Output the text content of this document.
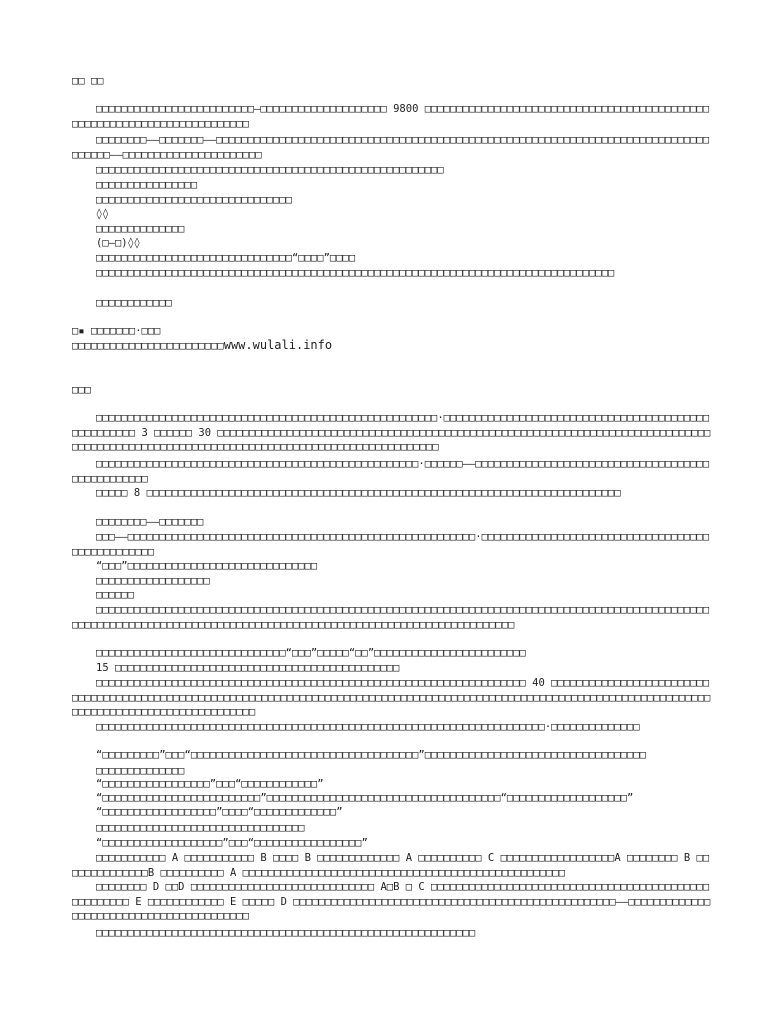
□□ □□
□□□□□□□□□□□□□□□□□□□□□□□□□—□□□□□□□□□□□□□□□□□□□□ 9800 □□□□□□□□□□□□□□□□□□□□□□□□□□□□□□□□□□□□□□□□□□□□□□□□□□□□□□□□□□□□□□□□□□□□□□□□□
□□□□□□□□——□□□□□□□——□□□□□□□□□□□□□□□□□□□□□□□□□□□□□□□□□□□□□□□□□□□□□□□□□□□□□□□□□□□□□□□□□□□□□□□□□□□□□□□□□□□□——□□□□□□□□□□□□□□□□□□□□□□
□□□□□□□□□□□□□□□□□□□□□□□□□□□□□□□□□□□□□□□□□□□□□□□□□□□□□□□
□□□□□□□□□□□□□□□□
□□□□□□□□□□□□□□□□□□□□□□□□□□□□□□□
◊◊
□□□□□□□□□□□□□□
(□—□)◊◊
□□□□□□□□□□□□□□□□□□□□□□□□□□□□□□□“□□□□”□□□□
□□□□□□□□□□□□□□□□□□□□□□□□□□□□□□□□□□□□□□□□□□□□□□□□□□□□□□□□□□□□□□□□□□□□□□□□□□□□□□□□□□
□□□□□□□□□□□□
□▪ □□□□□□□·□□□
□□□□□□□□□□□□□□□□□□□□□□□□www.wulali.info
□□□
□□□□□□□□□□□□□□□□□□□□□□□□□□□□□□□□□□□□□□□□□□□□□□□□□□□□□□·□□□□□□□□□□□□□□□□□□□□□□□□□□□□□□□□□□□□□□□□□□□□□□□□□□□□ 3 □□□□□□ 30 □□□□□□□□□□□□□□□□□□□□□□□□□□□□□□□□□□□□□□□□□□□□□□□□□□□□□□□□□□□□□□□□□□□□□□□□□□□□□□□□□□□□□□□□□□□□□□□□□□□□□□□□□□□□□□□□□□□□□□□□□□□□□□□□□□□□□□□□
□□□□□□□□□□□□□□□□□□□□□□□□□□□□□□□□□□□□□□□□□□□□□□□□□□□·□□□□□□——□□□□□□□□□□□□□□□□□□□□□□□□□□□□□□□□□□□□□□□□□□□□□□□□□
□□□□□ 8 □□□□□□□□□□□□□□□□□□□□□□□□□□□□□□□□□□□□□□□□□□□□□□□□□□□□□□□□□□□□□□□□□□□□□□□□□□□
□□□□□□□□——□□□□□□□
□□□——□□□□□□□□□□□□□□□□□□□□□□□□□□□□□□□□□□□□□□□□□□□□□□□□□□□□□□□·□□□□□□□□□□□□□□□□□□□□□□□□□□□□□□□□□□□□□□□□□□□□□□□□□
“□□□”□□□□□□□□□□□□□□□□□□□□□□□□□□□□□□
□□□□□□□□□□□□□□□□□□
□□□□□□
□□□□□□□□□□□□□□□□□□□□□□□□□□□□□□□□□□□□□□□□□□□□□□□□□□□□□□□□□□□□□□□□□□□□□□□□□□□□□□□□□□□□□□□□□□□□□□□□□□□□□□□□□□□□□□□□□□□□□□□□□□□□□□□□□□□□□□□□□□□□□□□□□□□□□□□□□□□□□□□□□□□□□□□
□□□□□□□□□□□□□□□□□□□□□□□□□□□□□□“□□□”□□□□□“□□”□□□□□□□□□□□□□□□□□□□□□□□□
15 □□□□□□□□□□□□□□□□□□□□□□□□□□□□□□□□□□□□□□□□□□□□□
□□□□□□□□□□□□□□□□□□□□□□□□□□□□□□□□□□□□□□□□□□□□□□□□□□□□□□□□□□□□□□□□□□□□ 40 □□□□□□□□□□□□□□□□□□□□□□□□□□□□□□□□□□□□□□□□□□□□□□□□□□□□□□□□□□□□□□□□□□□□□□□□□□□□□□□□□□□□□□□□□□□□□□□□□□□□□□□□□□□□□□□□□□□□□□□□□□□□□□□□□□□□□□□□□□□□□□□□□□□□□□□□□□□
□□□□□□□□□□□□□□□□□□□□□□□□□□□□□□□□□□□□□□□□□□□□□□□□□□□□□□□□□□□□□□□□□□□□□□□·□□□□□□□□□□□□□□
“□□□□□□□□□”□□□“□□□□□□□□□□□□□□□□□□□□□□□□□□□□□□□□□□□□”□□□□□□□□□□□□□□□□□□□□□□□□□□□□□□□□□□□
□□□□□□□□□□□□□□
“□□□□□□□□□□□□□□□□□”□□□“□□□□□□□□□□□□”
“□□□□□□□□□□□□□□□□□□□□□□□□□”□□□□□□□□□□□□□□□□□□□□□□□□□□□□□□□□□□□□□“□□□□□□□□□□□□□□□□□□□”
“□□□□□□□□□□□□□□□□□□”□□□□“□□□□□□□□□□□□□”
□□□□□□□□□□□□□□□□□□□□□□□□□□□□□□□□□
“□□□□□□□□□□□□□□□□□□□”□□□“□□□□□□□□□□□□□□□□□”
□□□□□□□□□□□ A □□□□□□□□□□□ B □□□□ B □□□□□□□□□□□□□ A □□□□□□□□□□ C □□□□□□□□□□□□□□□□□□A □□□□□□□□ B □□□□□□□□□□□□□□B □□□□□□□□□□ A □□□□□□□□□□□□□□□□□□□□□□□□□□□□□□□□□□□□□□□□□□□□□□□□□□□
□□□□□□□□ D □□D □□□□□□□□□□□□□□□□□□□□□□□□□□□□□ A□B □ C □□□□□□□□□□□□□□□□□□□□□□□□□□□□□□□□□□□□□□□□□□□□□□□□□□□□□ E □□□□□□□□□□□□ E □□□□□ D □□□□□□□□□□□□□□□□□□□□□□□□□□□□□□□□□□□□□□□□□□□□□□□□□□□——□□□□□□□□□□□□□□□□□□□□□□□□□□□□□□□□□□□□□□□□□
□□□□□□□□□□□□□□□□□□□□□□□□□□□□□□□□□□□□□□□□□□□□□□□□□□□□□□□□□□□□
